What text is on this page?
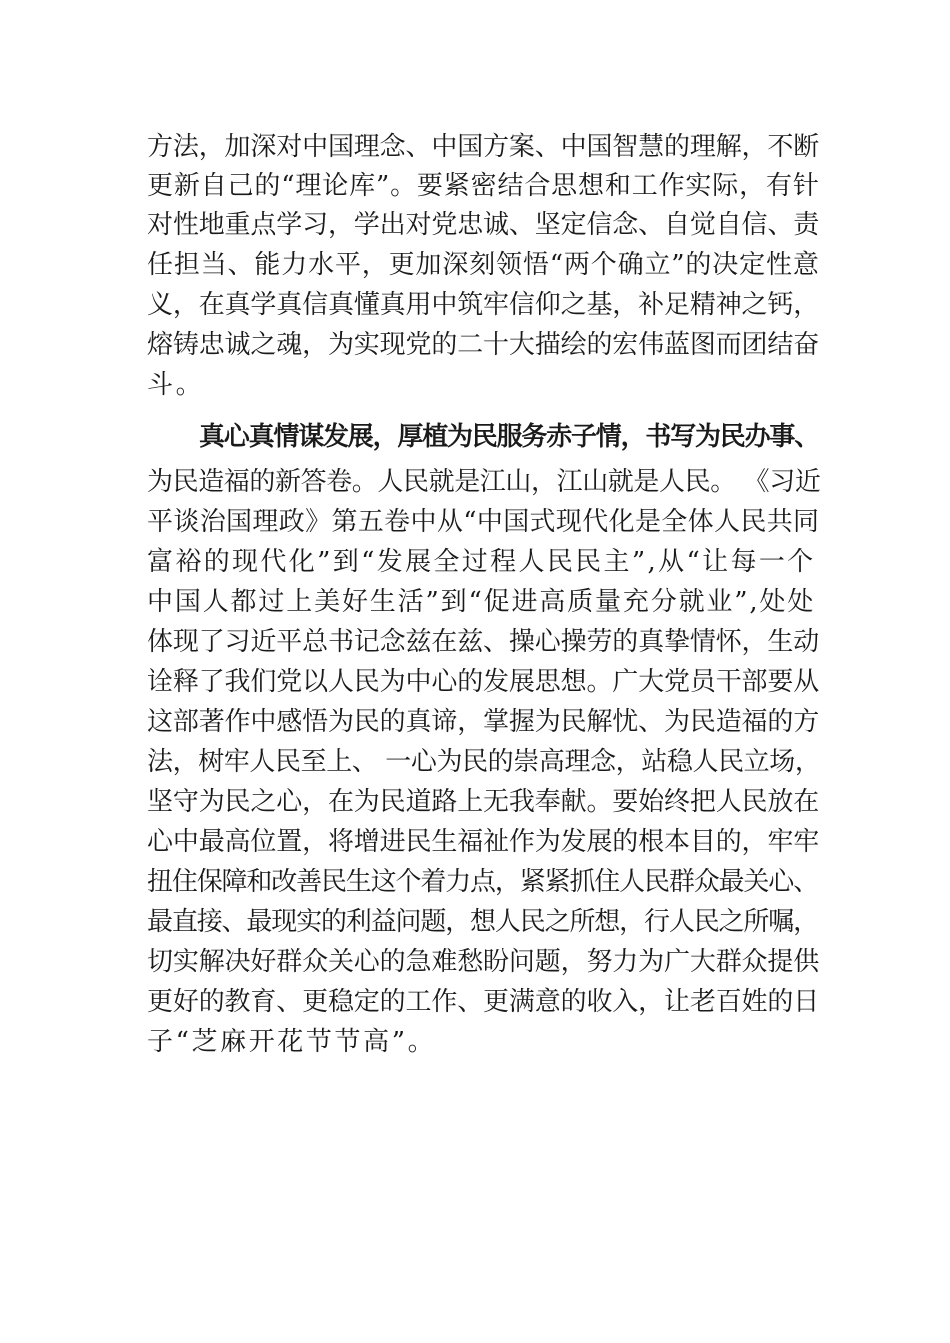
方法，加深对中国理念、中国方案、中国智慧的理解，不断
更新自己的“理论库”。要紧密结合思想和工作实际，有针
对性地重点学习，学出对党忠诚、坚定信念、自觉自信、责
任担当、能力水平，更加深刻领悟“两个确立”的决定性意
义，在真学真信真懂真用中筑牢信仰之基，补足精神之钙，
熔铸忠诚之魂，为实现党的二十大描绘的宏伟蓝图而团结奋
斗。
真心真情谋发展，厚植为民服务赤子情，书写为民办事、
为民造福的新答卷。人民就是江山，江山就是人民。 《习近
平谈治国理政》第五卷中从“中国式现代化是全体人民共同
富裕的现代化”到“发展全过程人民民主”,从“让每一个
中国人都过上美好生活”到“促进高质量充分就业”,处处
体现了习近平总书记念兹在兹、操心操劳的真挚情怀，生动
诠释了我们党以人民为中心的发展思想。广大党员干部要从
这部著作中感悟为民的真谛，掌握为民解忧、为民造福的方
法，树牢人民至上、 一心为民的崇高理念，站稳人民立场，
坚守为民之心，在为民道路上无我奉献。要始终把人民放在
心中最高位置，将增进民生福祉作为发展的根本目的，牢牢
扭住保障和改善民生这个着力点，紧紧抓住人民群众最关心、
最直接、最现实的利益问题，想人民之所想，行人民之所嘱，
切实解决好群众关心的急难愁盼问题，努力为广大群众提供
更好的教育、更稳定的工作、更满意的收入，让老百姓的日
子“芝麻开花节节高”。
